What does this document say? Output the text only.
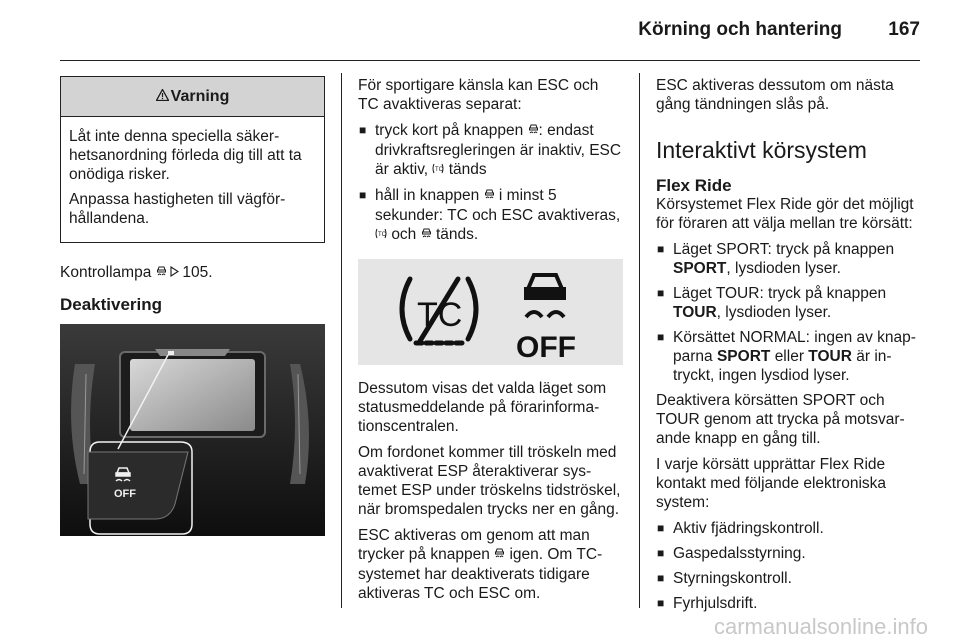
Körning och hantering 167
Varning

Låt inte denna speciella säkerhetsanordning förleda dig till att ta onödiga risker.

Anpassa hastigheten till vägförhållandena.

Kontrollampa 105.

Deaktivering
OFF

För sportigare känsla kan ESC och TC avaktiveras separat:

■ tryck kort på knappen : endast drivkraftsregleringen är inaktiv, ESC är aktiv, TC tänds
■ håll in knappen i minst 5 sekunder: TC och ESC avaktiveras,
TC och tänds.
TC
OFF

Dessutom visas det valda läget som statusmeddelande på förarinformationscentralen.

Om fordonet kommer till tröskeln med avaktiverat ESP återaktiverar systemet ESP under tröskelns tidströskel, när bromspedalen trycks ner en gång.

ESC aktiveras om genom att man trycker på knappen igen. Om TC-systemet har deaktiverats tidigare aktiveras TC och ESC om.

ESC aktiveras dessutom om nästa gång tändningen slås på.

Interaktivt körsystem
Flex Ride

Körsystemet Flex Ride gör det möjligt för föraren att välja mellan tre körsätt:

■ Läget SPORT: tryck på knappen SPORT, lysdioden lyser.
■ Läget TOUR: tryck på knappen TOUR, lysdioden lyser.
■ Körsättet NORMAL: ingen av knapparna SPORT eller TOUR är intryckt, ingen lysdiod lyser.

Deaktivera körsätten SPORT och TOUR genom att trycka på motsvarande knapp en gång till.

I varje körsätt upprättar Flex Ride kontakt med följande elektroniska system:

■ Aktiv fjädringskontroll.
■ Gaspedalsstyrning.
■ Styrningskontroll.
■ Fyrhjulsdrift.
carmanualsonline.info
